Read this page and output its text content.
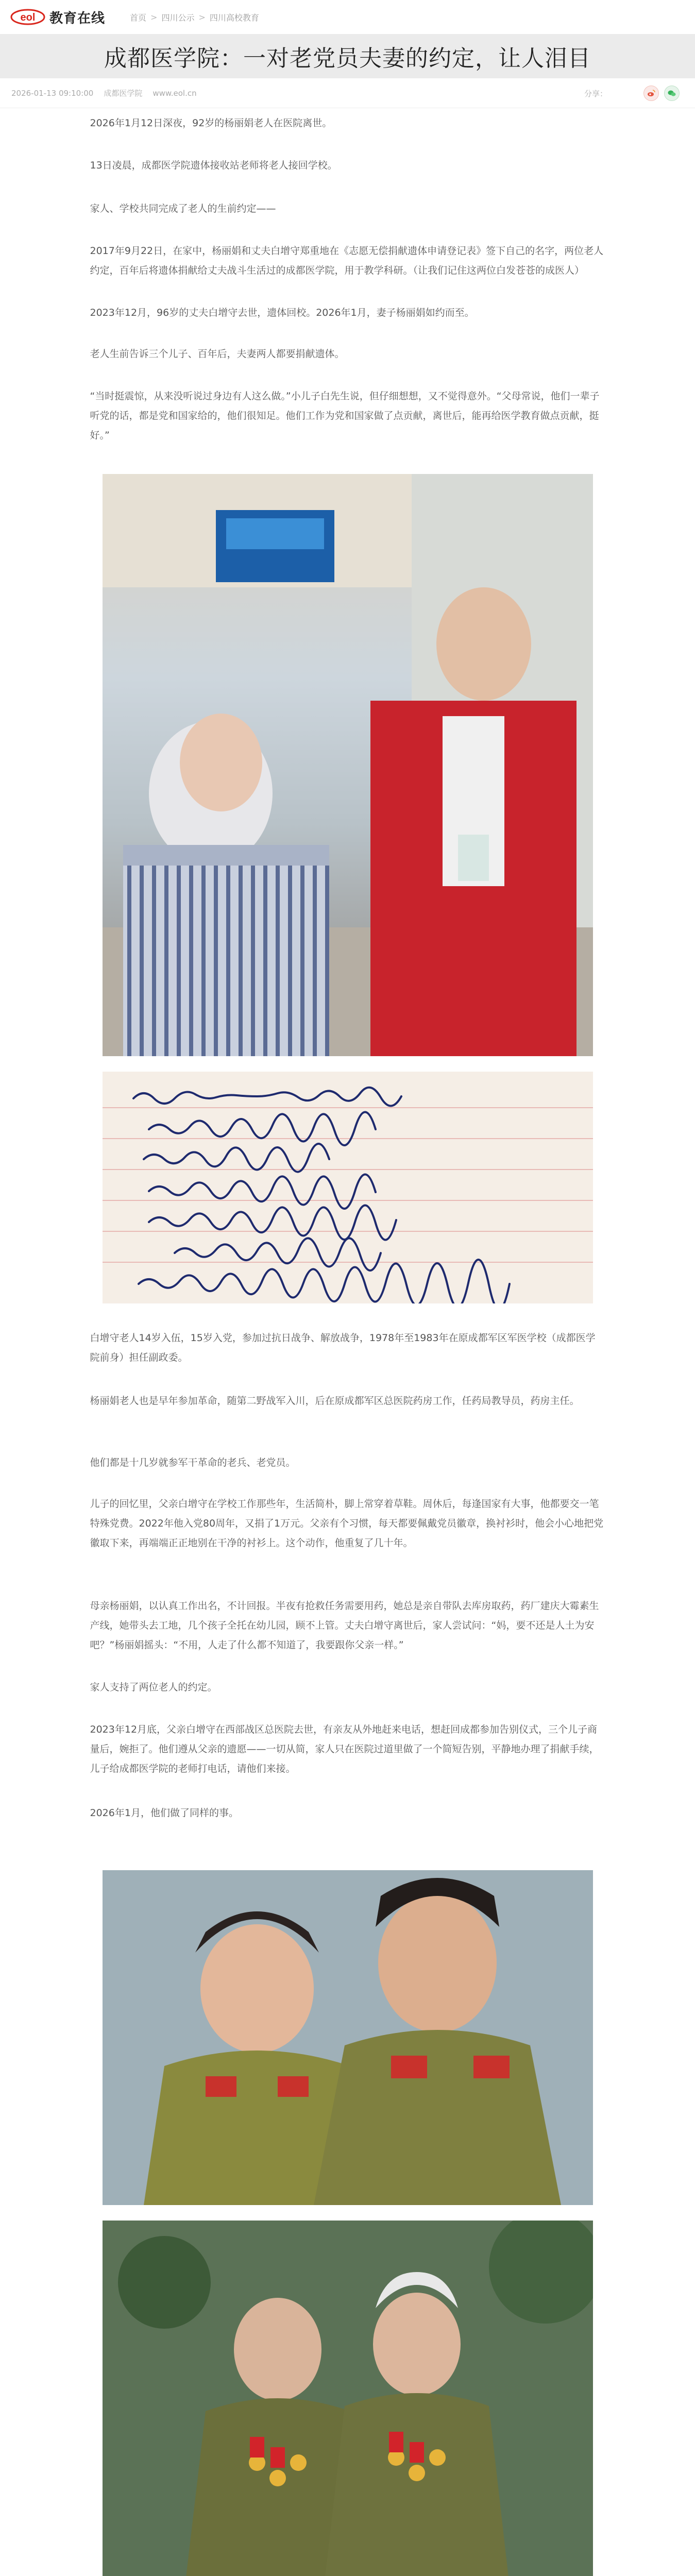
eol 教育在线	首页 > 四川公示 > 四川高校教育
成都医学院：一对老党员夫妻的约定，让人泪目
2026-01-13 09:10:00 成都医学院 www.eol.cn	分享：

2026年1月12日深夜，92岁的杨丽娟老人在医院离世。

13日凌晨，成都医学院遗体接收站老师将老人接回学校。

家人、学校共同完成了老人的生前约定——

2017年9月22日，在家中，杨丽娟和丈夫白增守郑重地在《志愿无偿捐献遗体申请登记表》签下自己的名字，两位老人约定，百年后将遗体捐献给丈夫战斗生活过的成都医学院，用于教学科研。（让我们记住这两位白发苍苍的成医人）

2023年12月，96岁的丈夫白增守去世，遗体回校。2026年1月，妻子杨丽娟如约而至。

老人生前告诉三个儿子、百年后，夫妻两人都要捐献遗体。

“当时挺震惊，从来没听说过身边有人这么做。”小儿子白先生说，但仔细想想，又不觉得意外。“父母常说，他们一辈子听党的话，都是党和国家给的，他们很知足。他们工作为党和国家做了点贡献，离世后，能再给医学教育做点贡献，挺好。”

白增守老人14岁入伍，15岁入党，参加过抗日战争、解放战争，1978年至1983年在原成都军区军医学校（成都医学院前身）担任副政委。

杨丽娟老人也是早年参加革命，随第二野战军入川，后在原成都军区总医院药房工作，任药局教导员，药房主任。

他们都是十几岁就参军干革命的老兵、老党员。

儿子的回忆里，父亲白增守在学校工作那些年，生活简朴，脚上常穿着草鞋。周休后，每逢国家有大事，他都要交一笔特殊党费。2022年他入党80周年，又捐了1万元。父亲有个习惯，每天都要佩戴党员徽章，换衬衫时，他会小心地把党徽取下来，再端端正正地别在干净的衬衫上。这个动作，他重复了几十年。

母亲杨丽娟，以认真工作出名，不计回报。半夜有抢救任务需要用药，她总是亲自带队去库房取药，药厂建庆大霉素生产线，她带头去工地，几个孩子全托在幼儿园，顾不上管。丈夫白增守离世后，家人尝试问：“妈，要不还是人土为安吧？”杨丽娟摇头：“不用，人走了什么都不知道了，我要跟你父亲一样。”

家人支持了两位老人的约定。

2023年12月底，父亲白增守在西部战区总医院去世，有亲友从外地赶来电话，想赶回成都参加告别仪式，三个儿子商量后，婉拒了。他们遵从父亲的遗愿——一切从简，家人只在医院过道里做了一个简短告别，平静地办理了捐献手续，儿子给成都医学院的老师打电话，请他们来接。

2026年1月，他们做了同样的事。
